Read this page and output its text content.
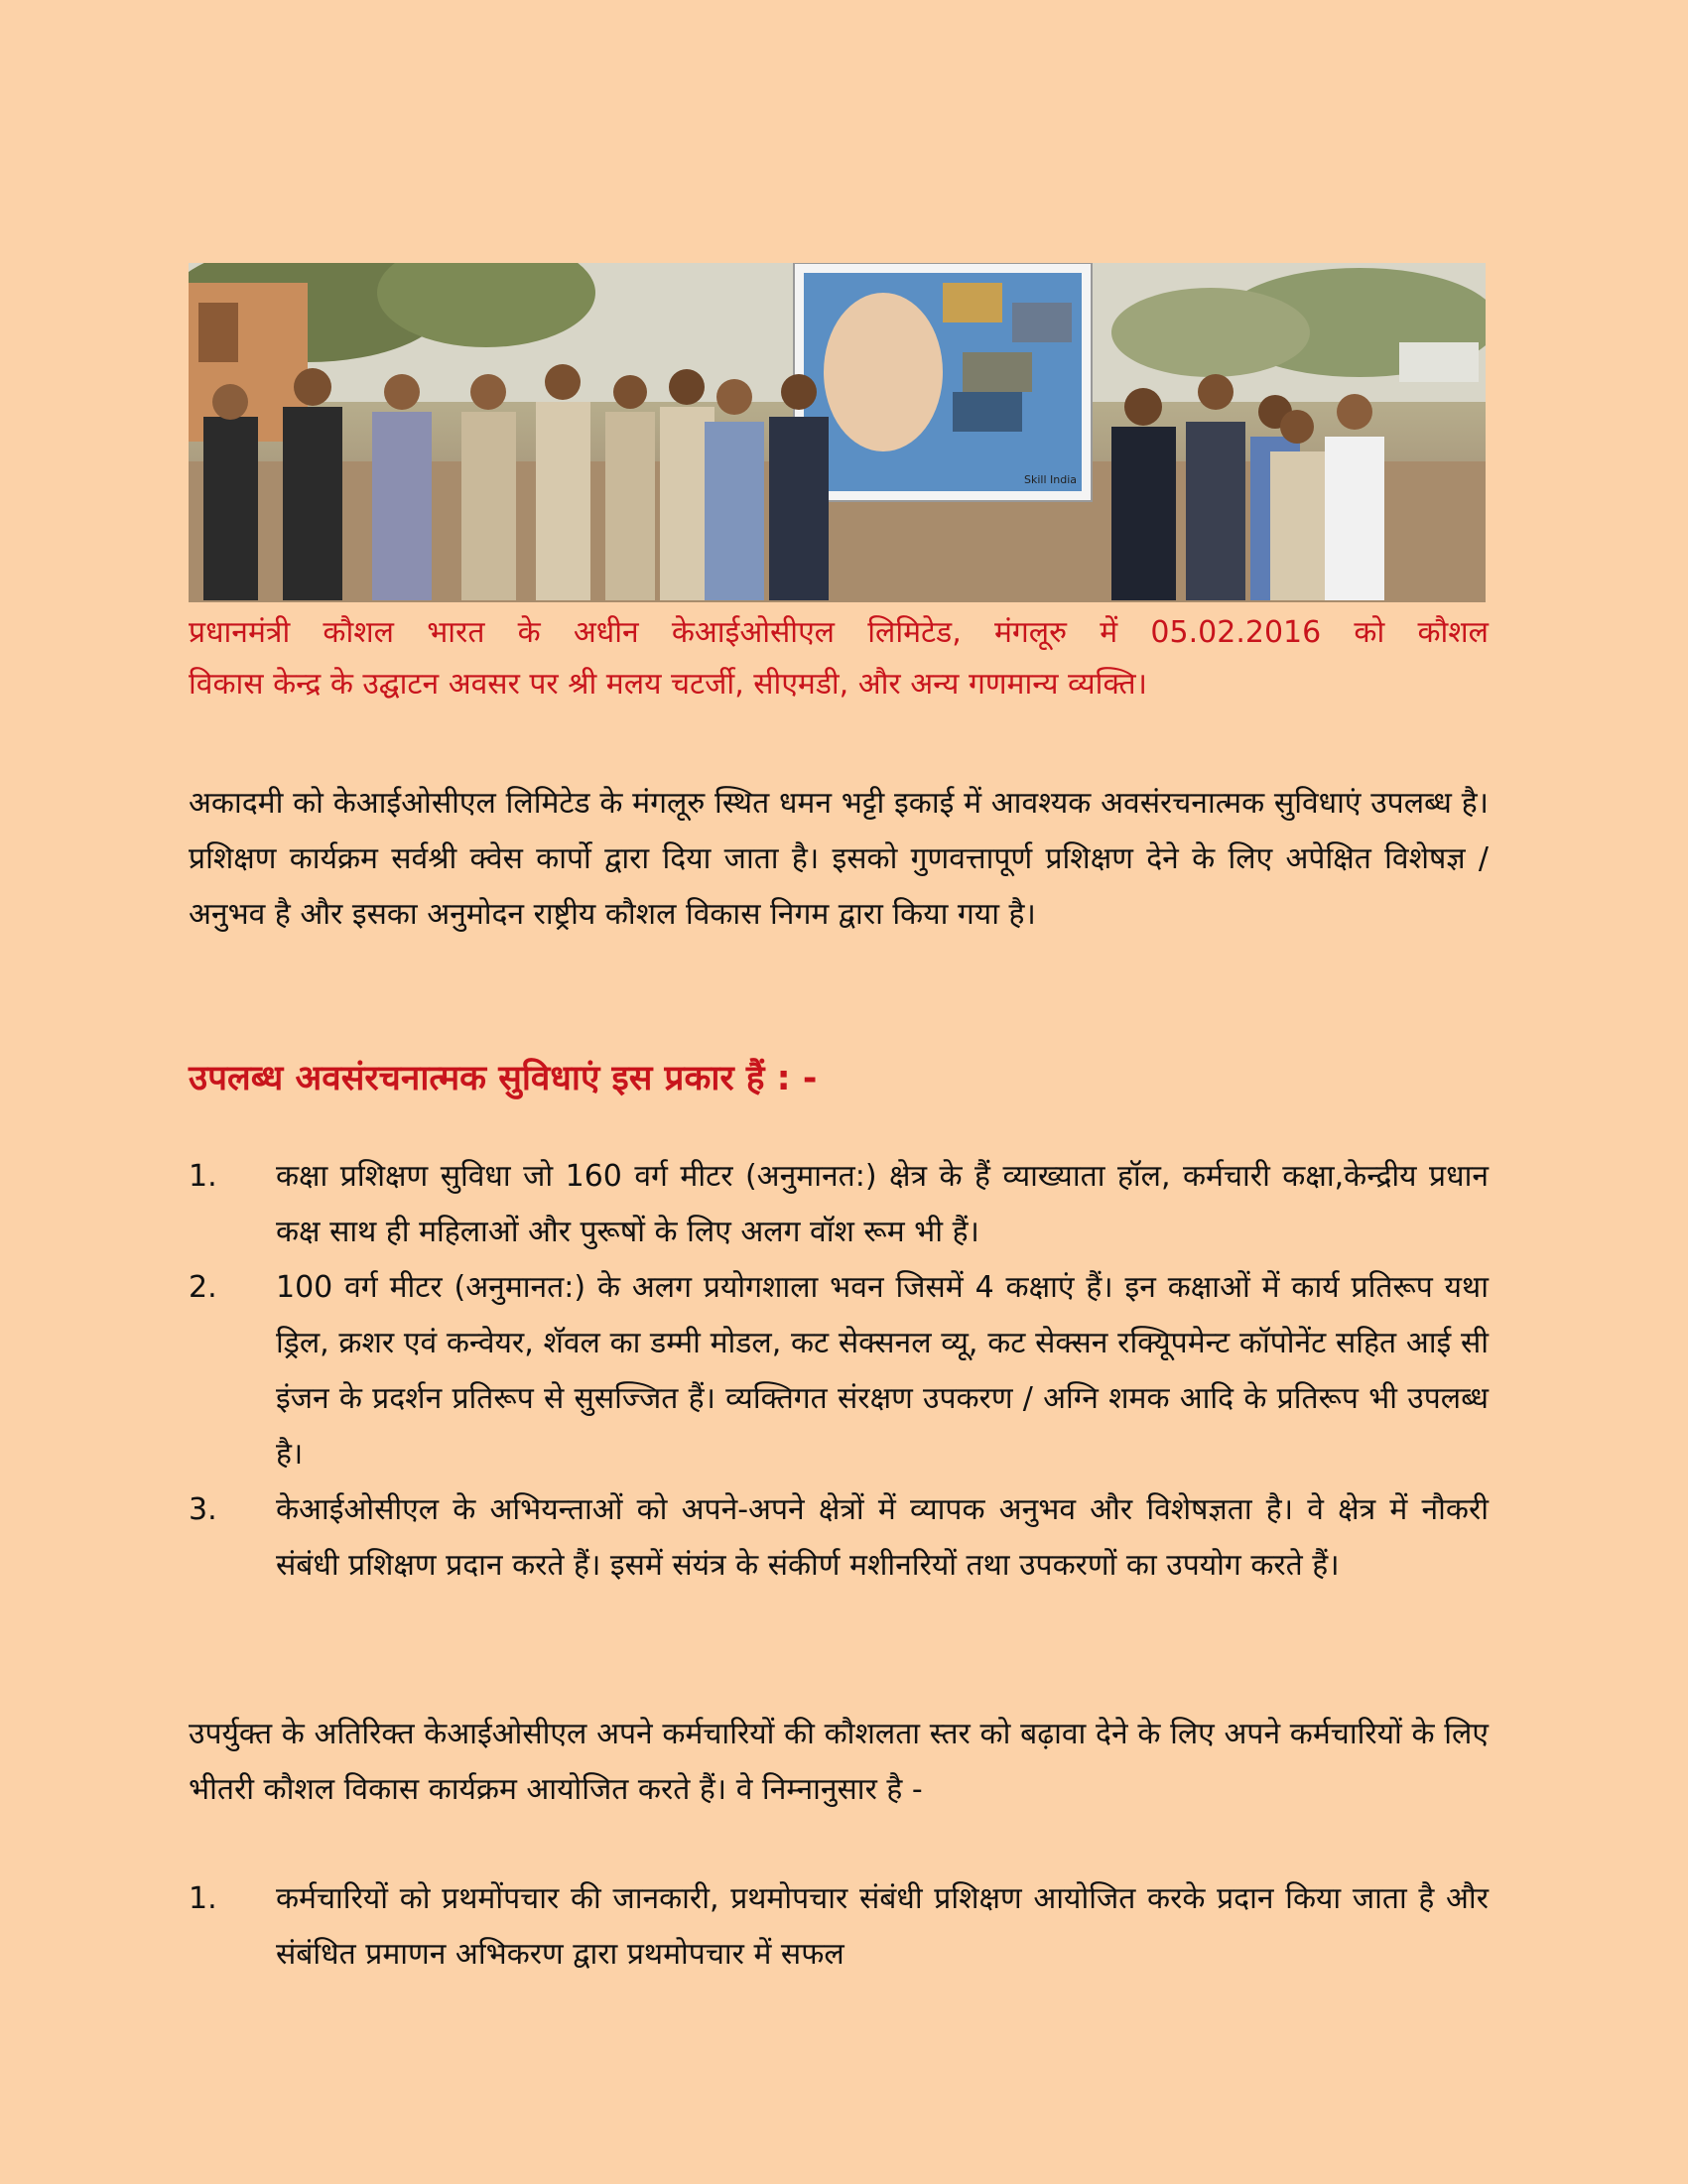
Skill India

प्रधानमंत्री कौशल भारत के अधीन केआईओसीएल लिमिटेड, मंगलूरु में 05.02.2016 को कौशल

विकास केन्द्र के उद्घाटन अवसर पर श्री मलय चटर्जी, सीएमडी, और अन्य गणमान्य व्यक्ति।

अकादमी को केआईओसीएल लिमिटेड के मंगलूरु स्थित धमन भट्टी इकाई में आवश्यक अवसंरचनात्मक सुविधाएं उपलब्ध है। प्रशिक्षण कार्यक्रम सर्वश्री क्वेस कार्पो द्वारा दिया जाता है। इसको गुणवत्तापूर्ण प्रशिक्षण देने के लिए अपेक्षित विशेषज्ञ / अनुभव है और इसका अनुमोदन राष्ट्रीय कौशल विकास निगम द्वारा किया गया है।

उपलब्ध अवसंरचनात्मक सुविधाएं इस प्रकार हैं : -
1. कक्षा प्रशिक्षण सुविधा जो 160 वर्ग मीटर (अनुमानत:) क्षेत्र के हैं व्याख्याता हॉल, कर्मचारी कक्षा,केन्द्रीय प्रधान कक्ष साथ ही महिलाओं और पुरूषों के लिए अलग वॉश रूम भी हैं।
2. 100 वर्ग मीटर (अनुमानत:) के अलग प्रयोगशाला भवन जिसमें 4 कक्षाएं हैं। इन कक्षाओं में कार्य प्रतिरूप यथा ड्रिल, क्रशर एवं कन्वेयर, शॅवल का डम्मी मोडल, कट सेक्सनल व्यू, कट सेक्सन रक्यिूपमेन्ट कॉपोनेंट सहित आई सी इंजन के प्रदर्शन प्रतिरूप से सुसज्जित हैं। व्यक्तिगत संरक्षण उपकरण / अग्नि शमक आदि के प्रतिरूप भी उपलब्ध है।
3. केआईओसीएल के अभियन्ताओं को अपने-अपने क्षेत्रों में व्यापक अनुभव और विशेषज्ञता है। वे क्षेत्र में नौकरी संबंधी प्रशिक्षण प्रदान करते हैं। इसमें संयंत्र के संकीर्ण मशीनरियों तथा उपकरणों का उपयोग करते हैं।

उपर्युक्त के अतिरिक्त केआईओसीएल अपने कर्मचारियों की कौशलता स्तर को बढ़ावा देने के लिए अपने कर्मचारियों के लिए भीतरी कौशल विकास कार्यक्रम आयोजित करते हैं। वे निम्नानुसार है -

1. कर्मचारियों को प्रथमोंपचार की जानकारी, प्रथमोपचार संबंधी प्रशिक्षण आयोजित करके प्रदान किया जाता है और संबंधित प्रमाणन अभिकरण द्वारा प्रथमोपचार में सफल
